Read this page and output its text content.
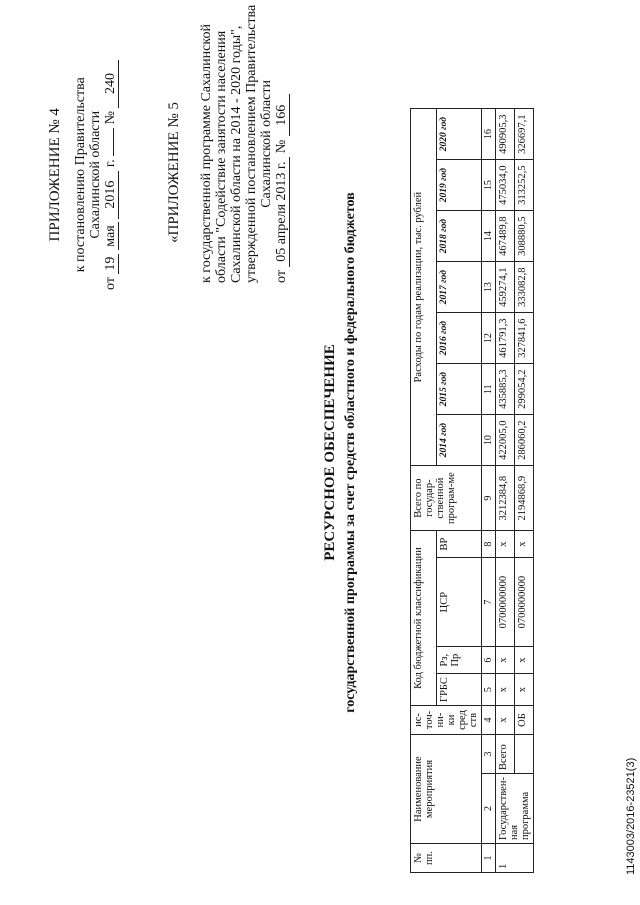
ПРИЛОЖЕНИЕ № 4 к постановлению Правительства Сахалинской области
от 19 мая 2016 г.  № 240
«ПРИЛОЖЕНИЕ № 5 к государственной программе Сахалинской области "Содействие занятости населения Сахалинской области на 2014 - 2020 годы", утвержденной постановлением Правительства Сахалинской области
от 05 апреля 2013 г. № 166
РЕСУРСНОЕ ОБЕСПЕЧЕНИЕ государственной программы за счет средств областного и федерального бюджетов
№ пп.	Наименование мероприятия		ис-точ-ни-ки сред ств	Код бюджетной классификации				Всего по государ-ственной програм-ме	Расходы по годам реализации, тыс. рублей						
				ГРБС	Рз, Пр	ЦСР	ВР		2014 год	2015 год	2016 год	2017 год	2018 год	2019 год	2020 год
1	2	3	4	5	6	7	8	9	10	11	12	13	14	15	16
1	Государствен-ная программа	Всего	х	х	х	0700000000	х	3212384,8	422005,0	435885,3	461791,3	459274,1	467489,8	475034,0	490905,3
			ОБ	х	х	0700000000	х	2194868,9	286060,2	299054,2	327841,6	333082,8	308880,5	313252,5	326697,1
1143003/2016-23521(3)
